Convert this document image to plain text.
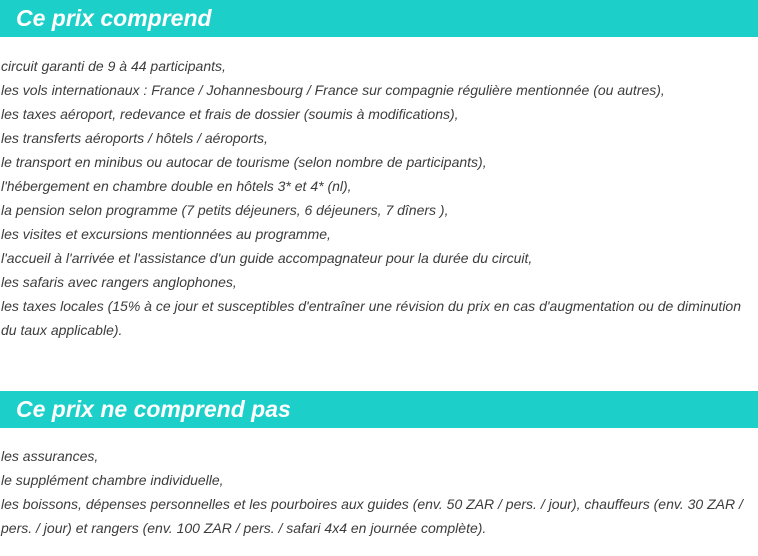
Ce prix comprend
circuit garanti de 9 à 44 participants,
les vols internationaux : France / Johannesbourg / France sur compagnie régulière mentionnée (ou autres),
les taxes aéroport, redevance et frais de dossier (soumis à modifications),
les transferts aéroports / hôtels / aéroports,
le transport en minibus ou autocar de tourisme (selon nombre de participants),
l'hébergement en chambre double en hôtels 3* et 4* (nl),
la pension selon programme (7 petits déjeuners, 6 déjeuners, 7 dîners ),
les visites et excursions mentionnées au programme,
l'accueil à l'arrivée et l'assistance d'un guide accompagnateur pour la durée du circuit,
les safaris avec rangers anglophones,
les taxes locales (15% à ce jour et susceptibles d'entraîner une révision du prix en cas d'augmentation ou de diminution du taux applicable).
Ce prix ne comprend pas
les assurances,
le supplément chambre individuelle,
les boissons, dépenses personnelles et les pourboires aux guides (env. 50 ZAR / pers. / jour), chauffeurs (env. 30 ZAR / pers. / jour) et rangers (env. 100 ZAR / pers. / safari 4x4 en journée complète).
